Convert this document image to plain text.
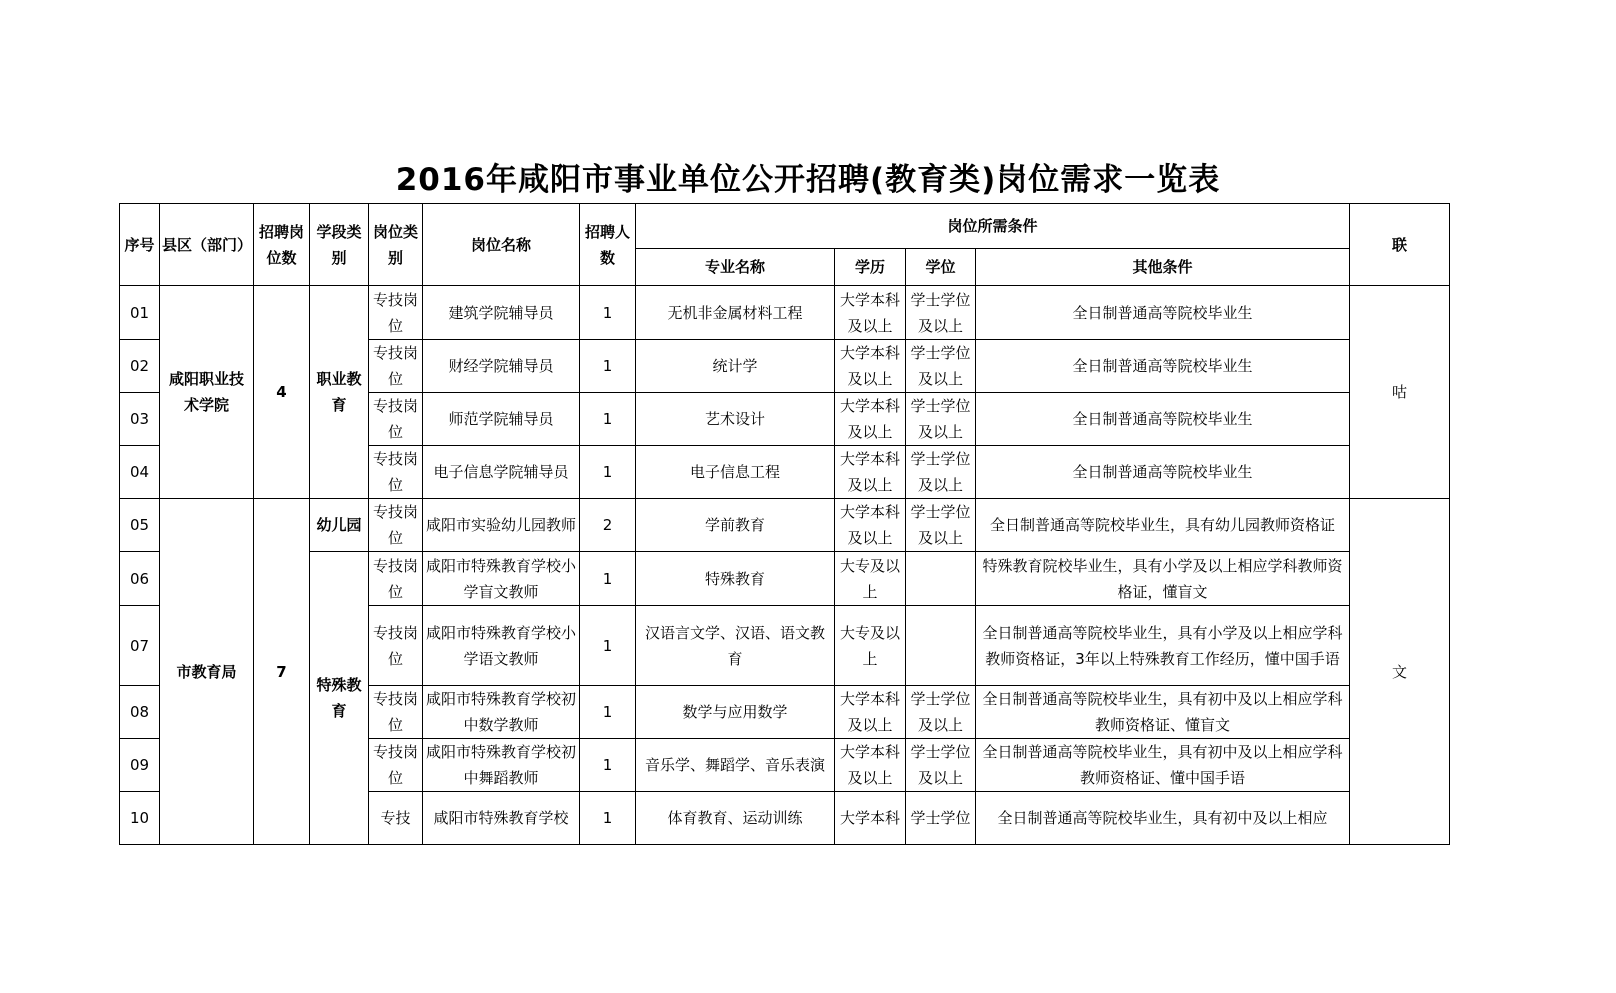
2016年咸阳市事业单位公开招聘(教育类)岗位需求一览表
序号	县区（部门）	招聘岗位数	学段类别	岗位类别	岗位名称	招聘人数	岗位所需条件				联
							专业名称	学历	学位	其他条件	
01	咸阳职业技术学院	4	职业教育	专技岗位	建筑学院辅导员	1	无机非金属材料工程	大学本科及以上	学士学位及以上	全日制普通高等院校毕业生	咕
02				专技岗位	财经学院辅导员	1	统计学	大学本科及以上	学士学位及以上	全日制普通高等院校毕业生	
03				专技岗位	师范学院辅导员	1	艺术设计	大学本科及以上	学士学位及以上	全日制普通高等院校毕业生	
04				专技岗位	电子信息学院辅导员	1	电子信息工程	大学本科及以上	学士学位及以上	全日制普通高等院校毕业生	
05	市教育局	7	幼儿园	专技岗位	咸阳市实验幼儿园教师	2	学前教育	大学本科及以上	学士学位及以上	全日制普通高等院校毕业生，具有幼儿园教师资格证	文
06			特殊教育	专技岗位	咸阳市特殊教育学校小学盲文教师	1	特殊教育	大专及以上		特殊教育院校毕业生，具有小学及以上相应学科教师资格证，懂盲文	
07				专技岗位	咸阳市特殊教育学校小学语文教师	1	汉语言文学、汉语、语文教育	大专及以上		全日制普通高等院校毕业生，具有小学及以上相应学科教师资格证，3年以上特殊教育工作经历，懂中国手语	
08				专技岗位	咸阳市特殊教育学校初中数学教师	1	数学与应用数学	大学本科及以上	学士学位及以上	全日制普通高等院校毕业生，具有初中及以上相应学科教师资格证、懂盲文	
09				专技岗位	咸阳市特殊教育学校初中舞蹈教师	1	音乐学、舞蹈学、音乐表演	大学本科及以上	学士学位及以上	全日制普通高等院校毕业生，具有初中及以上相应学科教师资格证、懂中国手语	
10				专技	咸阳市特殊教育学校	1	体育教育、运动训练	大学本科	学士学位	全日制普通高等院校毕业生，具有初中及以上相应	
